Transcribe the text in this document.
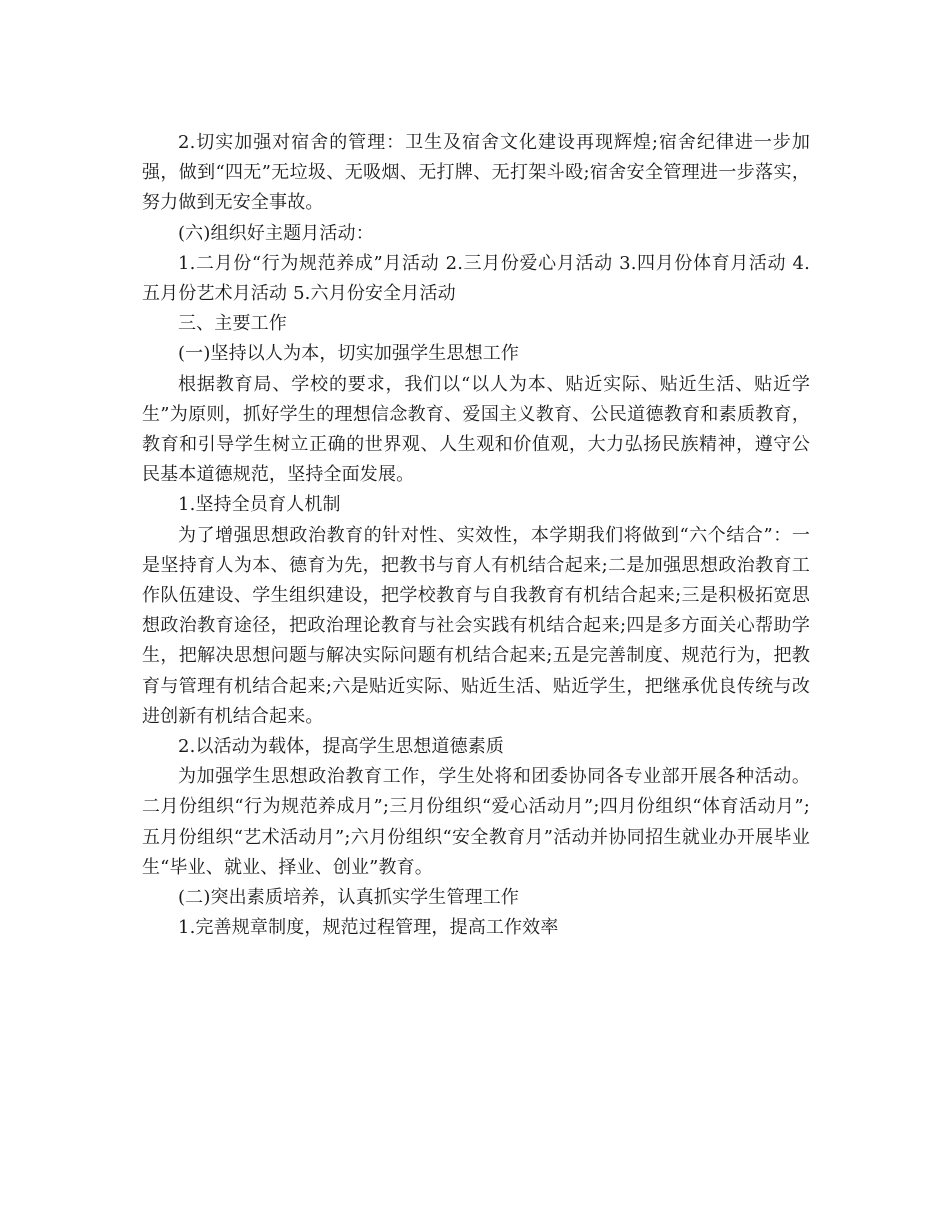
2.切实加强对宿舍的管理：卫生及宿舍文化建设再现辉煌;宿舍纪律进一步加强，做到“四无”无垃圾、无吸烟、无打牌、无打架斗殴;宿舍安全管理进一步落实，努力做到无安全事故。

(六)组织好主题月活动：

1.二月份“行为规范养成”月活动 2.三月份爱心月活动 3.四月份体育月活动 4.五月份艺术月活动 5.六月份安全月活动

三、主要工作

(一)坚持以人为本，切实加强学生思想工作

根据教育局、学校的要求，我们以“以人为本、贴近实际、贴近生活、贴近学生”为原则，抓好学生的理想信念教育、爱国主义教育、公民道德教育和素质教育，教育和引导学生树立正确的世界观、人生观和价值观，大力弘扬民族精神，遵守公民基本道德规范，坚持全面发展。

1.坚持全员育人机制

为了增强思想政治教育的针对性、实效性，本学期我们将做到“六个结合”：一是坚持育人为本、德育为先，把教书与育人有机结合起来;二是加强思想政治教育工作队伍建设、学生组织建设，把学校教育与自我教育有机结合起来;三是积极拓宽思想政治教育途径，把政治理论教育与社会实践有机结合起来;四是多方面关心帮助学生，把解决思想问题与解决实际问题有机结合起来;五是完善制度、规范行为，把教育与管理有机结合起来;六是贴近实际、贴近生活、贴近学生，把继承优良传统与改进创新有机结合起来。

2.以活动为载体，提高学生思想道德素质

为加强学生思想政治教育工作，学生处将和团委协同各专业部开展各种活动。二月份组织“行为规范养成月”;三月份组织“爱心活动月”;四月份组织“体育活动月”;五月份组织“艺术活动月”;六月份组织“安全教育月”活动并协同招生就业办开展毕业生“毕业、就业、择业、创业”教育。

(二)突出素质培养，认真抓实学生管理工作

1.完善规章制度，规范过程管理，提高工作效率
